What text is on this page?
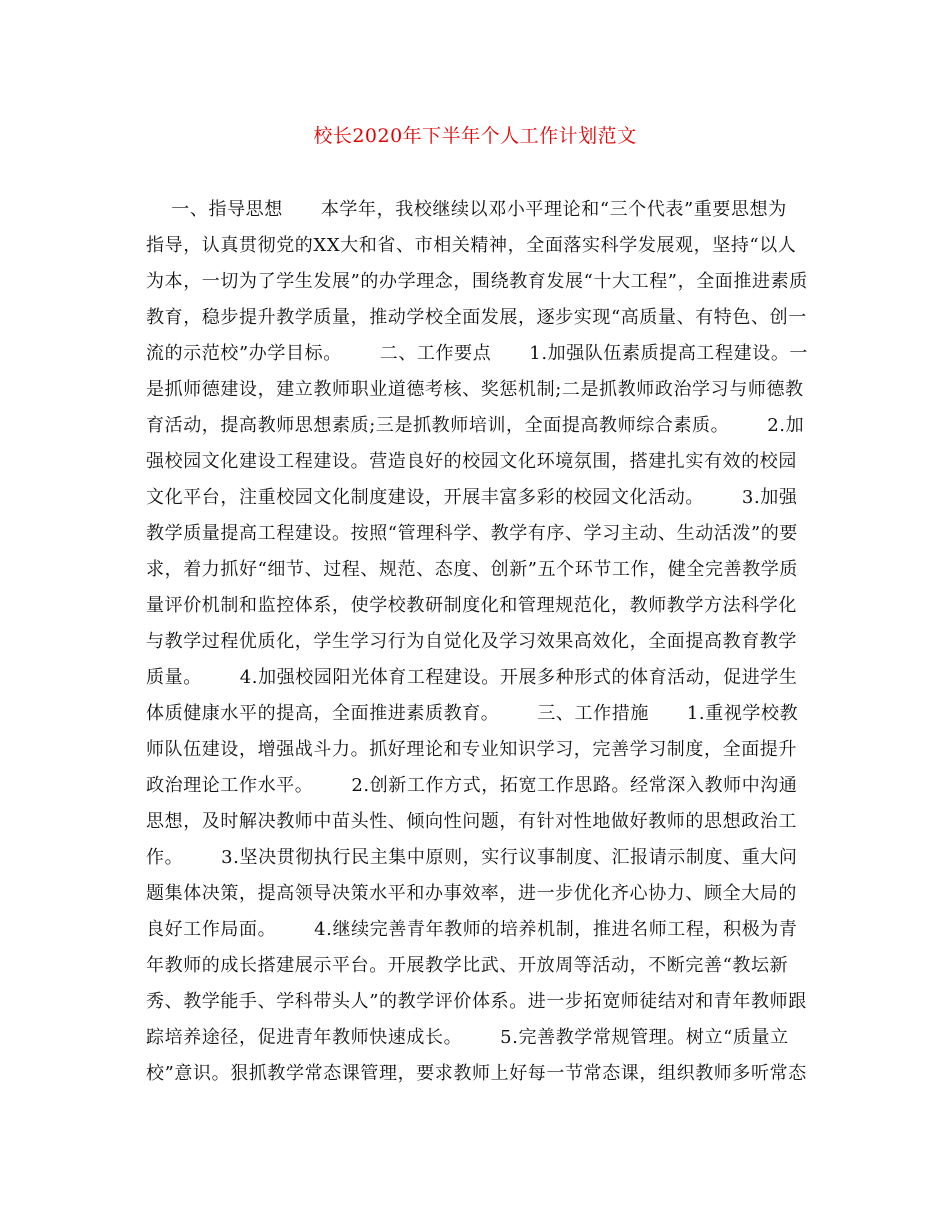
校长2020年下半年个人工作计划范文
一、指导思想      本学年，我校继续以邓小平理论和“三个代表”重要思想为
指导，认真贯彻党的XX大和省、市相关精神，全面落实科学发展观，坚持“以人
为本，一切为了学生发展”的办学理念，围绕教育发展“十大工程”，全面推进素质
教育，稳步提升教学质量，推动学校全面发展，逐步实现“高质量、有特色、创一
流的示范校”办学目标。      二、工作要点      1.加强队伍素质提高工程建设。一
是抓师德建设，建立教师职业道德考核、奖惩机制;二是抓教师政治学习与师德教
育活动，提高教师思想素质;三是抓教师培训，全面提高教师综合素质。      2.加
强校园文化建设工程建设。营造良好的校园文化环境氛围，搭建扎实有效的校园
文化平台，注重校园文化制度建设，开展丰富多彩的校园文化活动。      3.加强
教学质量提高工程建设。按照“管理科学、教学有序、学习主动、生动活泼”的要
求，着力抓好“细节、过程、规范、态度、创新”五个环节工作，健全完善教学质
量评价机制和监控体系，使学校教研制度化和管理规范化，教师教学方法科学化
与教学过程优质化，学生学习行为自觉化及学习效果高效化，全面提高教育教学
质量。      4.加强校园阳光体育工程建设。开展多种形式的体育活动，促进学生
体质健康水平的提高，全面推进素质教育。      三、工作措施      1.重视学校教
师队伍建设，增强战斗力。抓好理论和专业知识学习，完善学习制度，全面提升
政治理论工作水平。      2.创新工作方式，拓宽工作思路。经常深入教师中沟通
思想，及时解决教师中苗头性、倾向性问题，有针对性地做好教师的思想政治工
作。      3.坚决贯彻执行民主集中原则，实行议事制度、汇报请示制度、重大问
题集体决策，提高领导决策水平和办事效率，进一步优化齐心协力、顾全大局的
良好工作局面。      4.继续完善青年教师的培养机制，推进名师工程，积极为青
年教师的成长搭建展示平台。开展教学比武、开放周等活动，不断完善“教坛新
秀、教学能手、学科带头人”的教学评价体系。进一步拓宽师徒结对和青年教师跟
踪培养途径，促进青年教师快速成长。      5.完善教学常规管理。树立“质量立
校”意识。狠抓教学常态课管理，要求教师上好每一节常态课，组织教师多听常态
